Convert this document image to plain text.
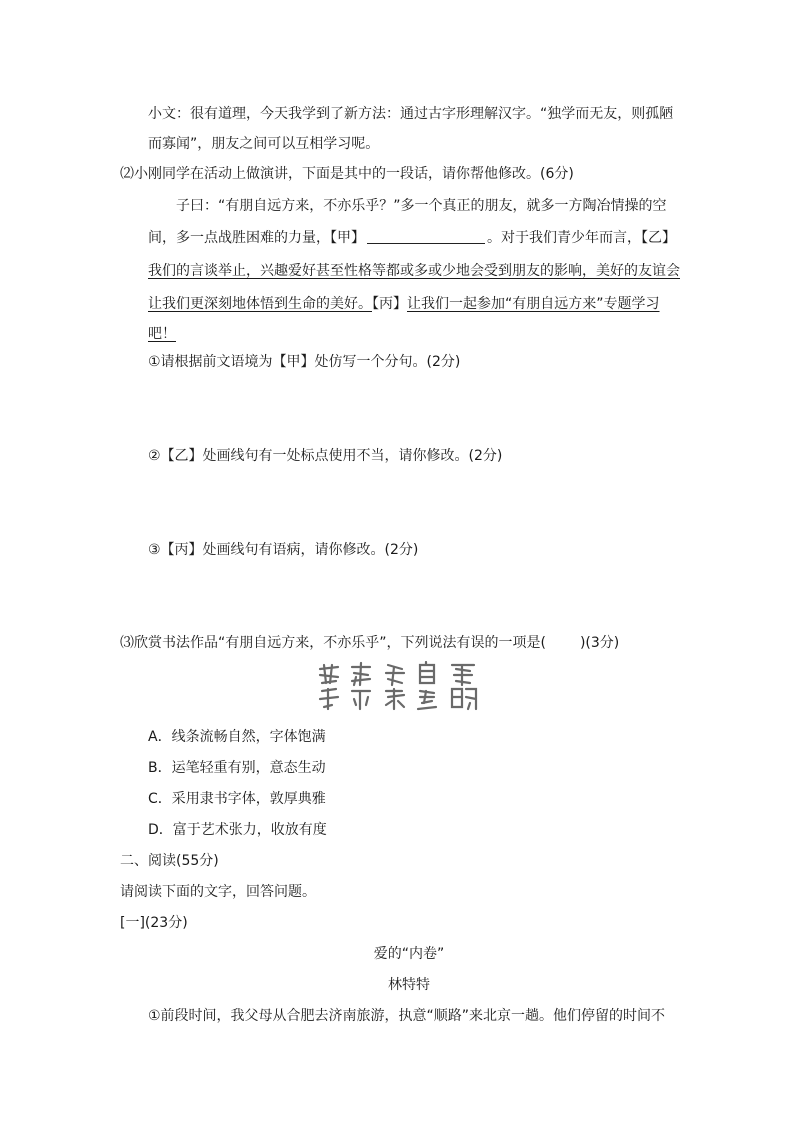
小文：很有道理，今天我学到了新方法：通过古字形理解汉字。“独学而无友，则孤陋
而寡闻”，朋友之间可以互相学习呢。
⑵小刚同学在活动上做演讲，下面是其中的一段话，请你帮他修改。(6分)
子曰：“有朋自远方来，不亦乐乎？”多一个真正的朋友，就多一方陶冶情操的空
间，多一点战胜困难的力量，【甲】	。对于我们青少年而言，【乙】
我们的言谈举止，兴趣爱好甚至性格等都或多或少地会受到朋友的影响，美好的友谊会
让我们更深刻地体悟到生命的美好。【丙】让我们一起参加“有朋自远方来”专题学习
吧！
①请根据前文语境为【甲】处仿写一个分句。(2分)
②【乙】处画线句有一处标点使用不当，请你修改。(2分)
③【丙】处画线句有语病，请你修改。(2分)
⑶欣赏书法作品“有朋自远方来，不亦乐乎”，下列说法有误的一项是( )(3分)
A．线条流畅自然，字体饱满
B．运笔轻重有别，意态生动
C．采用隶书字体，敦厚典雅
D．富于艺术张力，收放有度
二、阅读(55分)
请阅读下面的文字，回答问题。
[一](23分)
爱的“内卷”
林特特
①前段时间，我父母从合肥去济南旅游，执意“顺路”来北京一趟。他们停留的时间不
